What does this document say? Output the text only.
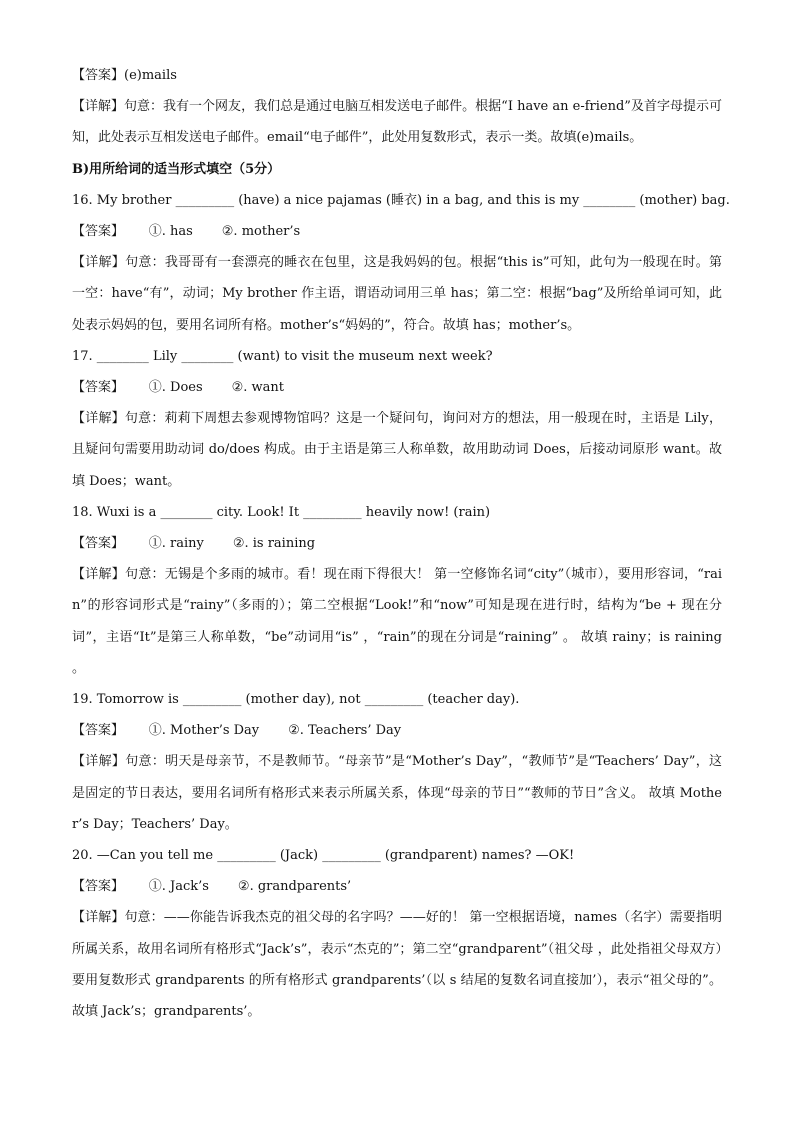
【答案】(e)mails
【详解】句意：我有一个网友，我们总是通过电脑互相发送电子邮件。根据“I have an e-friend”及首字母提示可知，此处表示互相发送电子邮件。email“电子邮件”，此处用复数形式，表示一类。故填(e)mails。
B)用所给词的适当形式填空（5分）
16. My brother _________ (have) a nice pajamas (睡衣) in a bag, and this is my ________ (mother) bag.
【答案】      ①. has       ②. mother’s
【详解】句意：我哥哥有一套漂亮的睡衣在包里，这是我妈妈的包。根据“this is”可知，此句为一般现在时。第一空：have“有”，动词；My brother 作主语，谓语动词用三单 has；第二空：根据“bag”及所给单词可知，此处表示妈妈的包，要用名词所有格。mother’s“妈妈的”，符合。故填 has；mother’s。
17. ________ Lily ________ (want) to visit the museum next week?
【答案】      ①. Does       ②. want
【详解】句意：莉莉下周想去参观博物馆吗？这是一个疑问句，询问对方的想法，用一般现在时，主语是 Lily，且疑问句需要用助动词 do/does 构成。由于主语是第三人称单数，故用助动词 Does，后接动词原形 want。故填 Does；want。
18. Wuxi is a ________ city. Look! It _________ heavily now! (rain)
【答案】      ①. rainy       ②. is raining
【详解】句意：无锡是个多雨的城市。看！现在雨下得很大！ 第一空修饰名词“city”（城市），要用形容词，“rain”的形容词形式是“rainy”（多雨的）；第二空根据“Look!”和“now”可知是现在进行时，结构为“be + 现在分词”，主语“It”是第三人称单数，“be”动词用“is” ，“rain”的现在分词是“raining” 。 故填 rainy；is raining 。
19. Tomorrow is _________ (mother day), not _________ (teacher day).
【答案】      ①. Mother’s Day       ②. Teachers’ Day
【详解】句意：明天是母亲节，不是教师节。“母亲节”是“Mother’s Day”，“教师节”是“Teachers’ Day”，这是固定的节日表达，要用名词所有格形式来表示所属关系，体现“母亲的节日”“教师的节日”含义。 故填 Mother’s Day；Teachers’ Day。
20. —Can you tell me _________ (Jack) _________ (grandparent) names? —OK!
【答案】      ①. Jack’s       ②. grandparents’
【详解】句意：——你能告诉我杰克的祖父母的名字吗？——好的！ 第一空根据语境，names（名字）需要指明所属关系，故用名词所有格形式“Jack’s”，表示“杰克的”；第二空“grandparent”（祖父母 ，此处指祖父母双方）要用复数形式 grandparents 的所有格形式 grandparents’（以 s 结尾的复数名词直接加’），表示“祖父母的”。 故填 Jack’s；grandparents’。
